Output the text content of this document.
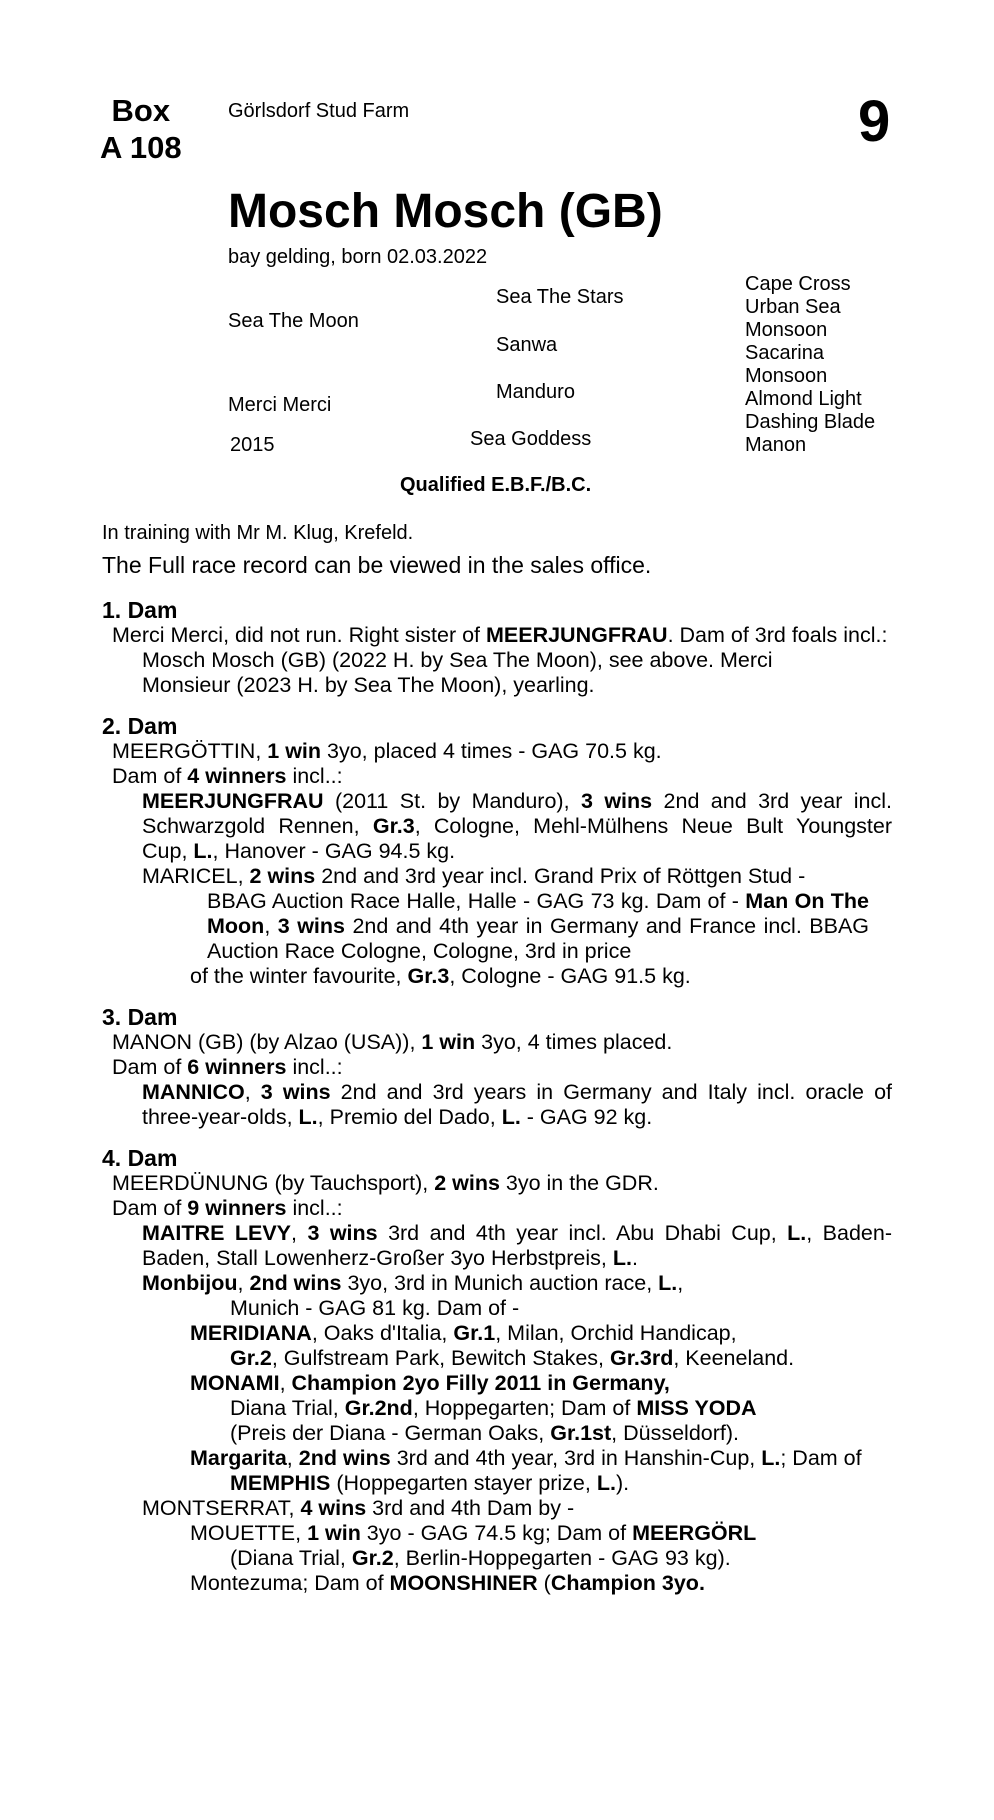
Box
A 108
Görlsdorf Stud Farm	9
Mosch Mosch (GB)
bay gelding, born 02.03.2022
Sea The Moon
Merci Merci
2015
Sea The Stars
Sanwa
Manduro
Sea Goddess
Cape Cross
Urban Sea
Monsoon
Sacarina
Monsoon
Almond Light
Dashing Blade
Manon
Qualified E.B.F./B.C.
In training with Mr M. Klug, Krefeld.
The Full race record can be viewed in the sales office.

1. Dam

Merci Merci, did not run. Right sister of MEERJUNGFRAU. Dam of 3rd foals incl.:

Mosch Mosch (GB) (2022 H. by Sea The Moon), see above. Merci Monsieur (2023 H. by Sea The Moon), yearling.

2. Dam

MEERGÖTTIN, 1 win 3yo, placed 4 times - GAG 70.5 kg.

Dam of 4 winners incl..:

MEERJUNGFRAU (2011 St. by Manduro), 3 wins 2nd and 3rd year incl. Schwarzgold Rennen, Gr.3, Cologne, Mehl-Mülhens Neue Bult Youngster Cup, L., Hanover - GAG 94.5 kg.

MARICEL, 2 wins 2nd and 3rd year incl. Grand Prix of Röttgen Stud -

BBAG Auction Race Halle, Halle - GAG 73 kg. Dam of - Man On The Moon, 3 wins 2nd and 4th year in Germany and France incl. BBAG Auction Race Cologne, Cologne, 3rd in price

of the winter favourite, Gr.3, Cologne - GAG 91.5 kg.

3. Dam

MANON (GB) (by Alzao (USA)), 1 win 3yo, 4 times placed.

Dam of 6 winners incl..:

MANNICO, 3 wins 2nd and 3rd years in Germany and Italy incl. oracle of three-year-olds, L., Premio del Dado, L. - GAG 92 kg.

4. Dam

MEERDÜNUNG (by Tauchsport), 2 wins 3yo in the GDR.

Dam of 9 winners incl..:

MAITRE LEVY, 3 wins 3rd and 4th year incl. Abu Dhabi Cup, L., Baden- Baden, Stall Lowenherz-Großer 3yo Herbstpreis, L..

Monbijou, 2nd wins 3yo, 3rd in Munich auction race, L.,

Munich - GAG 81 kg. Dam of -

MERIDIANA, Oaks d'Italia, Gr.1, Milan, Orchid Handicap,

Gr.2, Gulfstream Park, Bewitch Stakes, Gr.3rd, Keeneland.

MONAMI, Champion 2yo Filly 2011 in Germany,

Diana Trial, Gr.2nd, Hoppegarten; Dam of MISS YODA

(Preis der Diana - German Oaks, Gr.1st, Düsseldorf).

Margarita, 2nd wins 3rd and 4th year, 3rd in Hanshin-Cup, L.; Dam of

MEMPHIS (Hoppegarten stayer prize, L.).

MONTSERRAT, 4 wins 3rd and 4th Dam by -

MOUETTE, 1 win 3yo - GAG 74.5 kg; Dam of MEERGÖRL

(Diana Trial, Gr.2, Berlin-Hoppegarten - GAG 93 kg).

Montezuma; Dam of MOONSHINER (Champion 3yo.
